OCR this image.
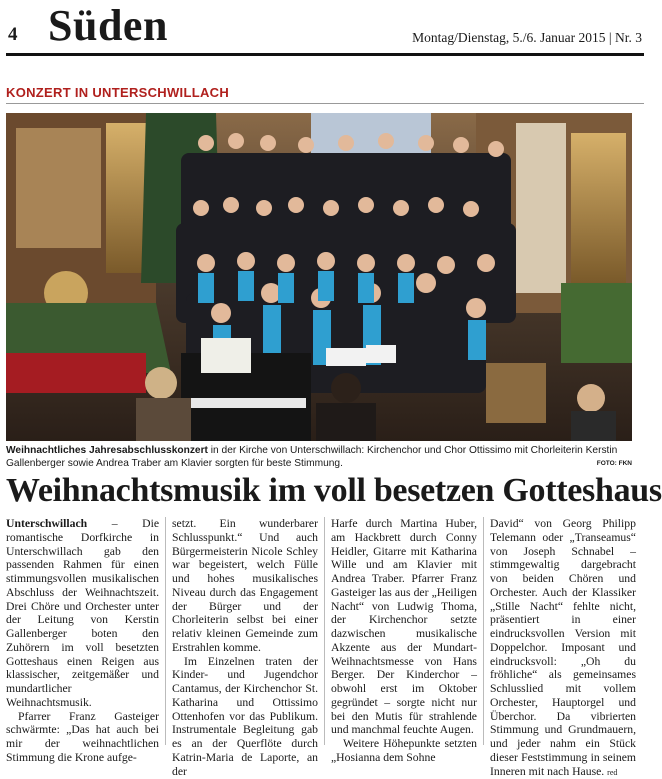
4 Süden	Montag/Dienstag, 5./6. Januar 2015 | Nr. 3
KONZERT IN UNTERSCHWILLACH
Weihnachtliches Jahresabschlusskonzert in der Kirche von Unterschwillach: Kirchenchor und Chor Ottissimo mit Chorleiterin Kerstin Gallenberger sowie Andrea Traber am Klavier sorgten für beste Stimmung.	FOTO: FKN
Weihnachtsmusik im voll besetzen Gotteshaus

Unterschwillach – Die romantische Dorfkirche in Unterschwillach gab den passenden Rahmen für einen stimmungsvollen musikalischen Abschluss der Weihnachtszeit. Drei Chöre und Orchester unter der Leitung von Kerstin Gallenberger boten den Zuhörern im voll besetzten Gotteshaus einen Reigen aus klassischer, zeitgemäßer und mundartlicher Weihnachtsmusik.

Pfarrer Franz Gasteiger schwärmte: „Das hat auch bei mir der weihnachtlichen Stimmung die Krone aufge-

setzt. Ein wunderbarer Schlusspunkt.“ Und auch Bürgermeisterin Nicole Schley war begeistert, welch Fülle und hohes musikalisches Niveau durch das Engagement der Bürger und der Chorleiterin selbst bei einer relativ kleinen Gemeinde zum Erstrahlen komme.

Im Einzelnen traten der Kinder- und Jugendchor Cantamus, der Kirchenchor St. Katharina und Ottissimo Ottenhofen vor das Publikum. Instrumentale Begleitung gab es an der Querflöte durch Katrin-Maria de Laporte, an der

Harfe durch Martina Huber, am Hackbrett durch Conny Heidler, Gitarre mit Katharina Wille und am Klavier mit Andrea Traber. Pfarrer Franz Gasteiger las aus der „Heiligen Nacht“ von Ludwig Thoma, der Kirchenchor setzte dazwischen musikalische Akzente aus der Mundart-Weihnachtsmesse von Hans Berger. Der Kinderchor – obwohl erst im Oktober gegründet – sorgte nicht nur bei den Mutis für strahlende und manchmal feuchte Augen.

Weitere Höhepunkte setzten „Hosianna dem Sohne

David“ von Georg Philipp Telemann oder „Transeamus“ von Joseph Schnabel – stimmgewaltig dargebracht von beiden Chören und Orchester. Auch der Klassiker „Stille Nacht“ fehlte nicht, präsentiert in einer eindrucksvollen Version mit Doppelchor. Imposant und eindrucksvoll: „Oh du fröhliche“ als gemeinsames Schlusslied mit vollem Orchester, Hauptorgel und Überchor. Da vibrierten Stimmung und Grundmauern, und jeder nahm ein Stück dieser Feststimmung in seinem Inneren mit nach Hause. red
